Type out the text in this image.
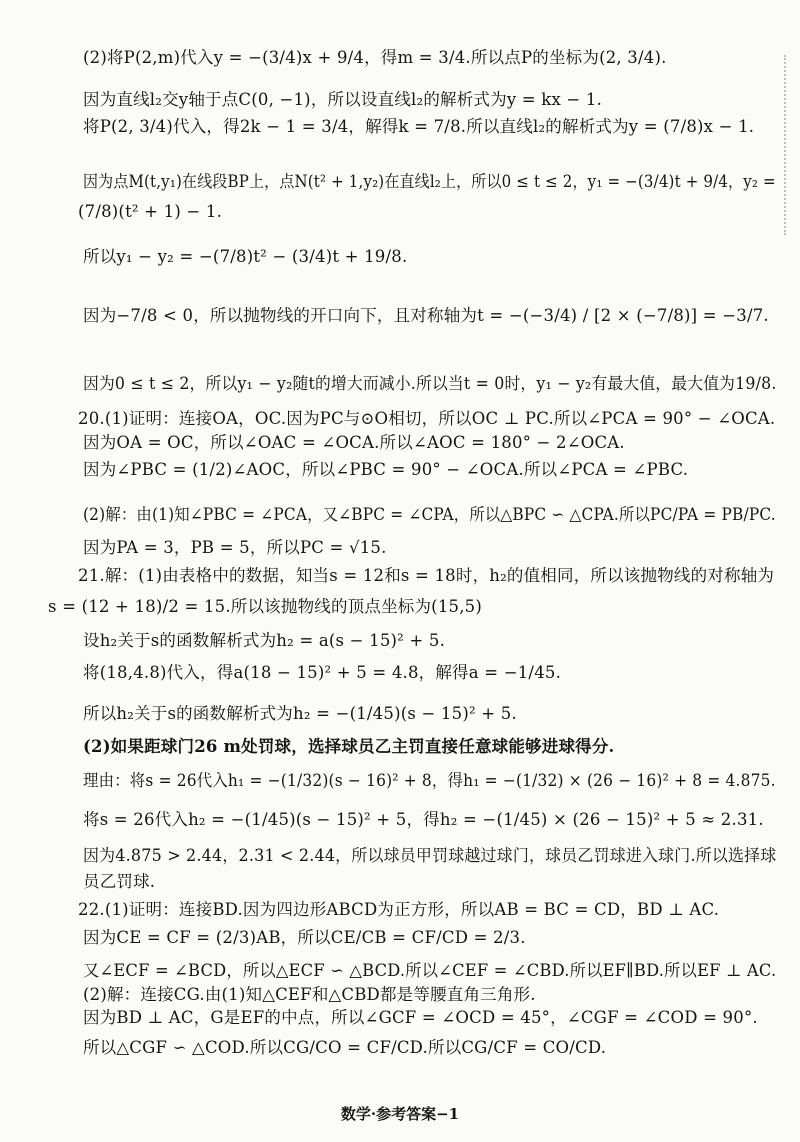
(2)将P(2,m)代入y = −(3/4)x + 9/4，得m = 3/4.所以点P的坐标为(2, 3/4).
因为直线l₂交y轴于点C(0, −1)，所以设直线l₂的解析式为y = kx − 1.
将P(2, 3/4)代入，得2k − 1 = 3/4，解得k = 7/8.所以直线l₂的解析式为y = (7/8)x − 1.
因为点M(t,y₁)在线段BP上，点N(t² + 1,y₂)在直线l₂上，所以0 ≤ t ≤ 2，y₁ = −(3/4)t + 9/4，y₂ =
(7/8)(t² + 1) − 1.
所以y₁ − y₂ = −(7/8)t² − (3/4)t + 19/8.
因为−7/8 < 0，所以抛物线的开口向下，且对称轴为t = −(−3/4) / [2 × (−7/8)] = −3/7.
因为0 ≤ t ≤ 2，所以y₁ − y₂随t的增大而减小.所以当t = 0时，y₁ − y₂有最大值，最大值为19/8.
20.(1)证明：连接OA，OC.因为PC与⊙O相切，所以OC ⊥ PC.所以∠PCA = 90° − ∠OCA.
因为OA = OC，所以∠OAC = ∠OCA.所以∠AOC = 180° − 2∠OCA.
因为∠PBC = (1/2)∠AOC，所以∠PBC = 90° − ∠OCA.所以∠PCA = ∠PBC.
(2)解：由(1)知∠PBC = ∠PCA，又∠BPC = ∠CPA，所以△BPC ∽ △CPA.所以PC/PA = PB/PC.
因为PA = 3，PB = 5，所以PC = √15.
21.解：(1)由表格中的数据，知当s = 12和s = 18时，h₂的值相同，所以该抛物线的对称轴为
s = (12 + 18)/2 = 15.所以该抛物线的顶点坐标为(15,5)
设h₂关于s的函数解析式为h₂ = a(s − 15)² + 5.
将(18,4.8)代入，得a(18 − 15)² + 5 = 4.8，解得a = −1/45.
所以h₂关于s的函数解析式为h₂ = −(1/45)(s − 15)² + 5.
(2)如果距球门26 m处罚球，选择球员乙主罚直接任意球能够进球得分.
理由：将s = 26代入h₁ = −(1/32)(s − 16)² + 8，得h₁ = −(1/32) × (26 − 16)² + 8 = 4.875.
将s = 26代入h₂ = −(1/45)(s − 15)² + 5，得h₂ = −(1/45) × (26 − 15)² + 5 ≈ 2.31.
因为4.875 > 2.44，2.31 < 2.44，所以球员甲罚球越过球门，球员乙罚球进入球门.所以选择球
员乙罚球.
22.(1)证明：连接BD.因为四边形ABCD为正方形，所以AB = BC = CD，BD ⊥ AC.
因为CE = CF = (2/3)AB，所以CE/CB = CF/CD = 2/3.
又∠ECF = ∠BCD，所以△ECF ∽ △BCD.所以∠CEF = ∠CBD.所以EF∥BD.所以EF ⊥ AC.
(2)解：连接CG.由(1)知△CEF和△CBD都是等腰直角三角形.
因为BD ⊥ AC，G是EF的中点，所以∠GCF = ∠OCD = 45°，∠CGF = ∠COD = 90°.
所以△CGF ∽ △COD.所以CG/CO = CF/CD.所以CG/CF = CO/CD.
数学·参考答案−1
